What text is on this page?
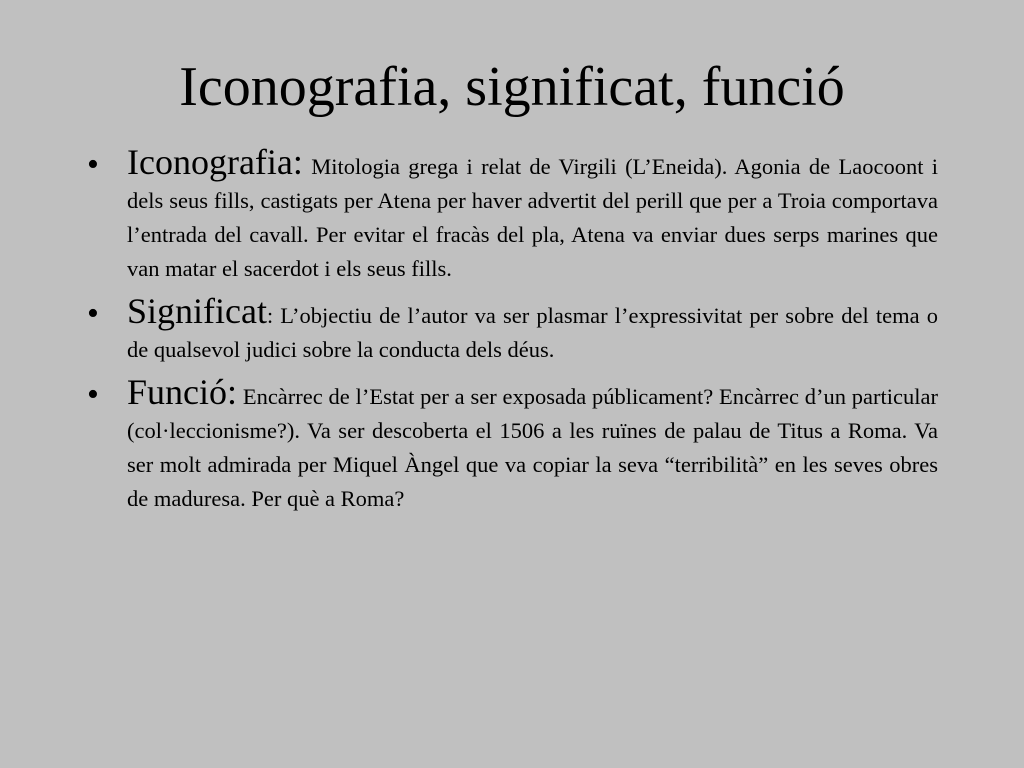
Iconografia, significat, funció
• Iconografia: Mitologia grega i relat de Virgili (L’Eneida). Agonia de Laocoont i dels seus fills, castigats per Atena per haver advertit del perill que per a Troia comportava l’entrada del cavall. Per evitar el fracàs del pla, Atena va enviar dues serps marines que van matar el sacerdot i els seus fills.
• Significat: L’objectiu de l’autor va ser plasmar l’expressivitat per sobre del tema o de qualsevol judici sobre la conducta dels déus.
• Funció: Encàrrec de l’Estat per a ser exposada públicament? Encàrrec d’un particular (col·leccionisme?). Va ser descoberta el 1506 a les ruïnes de palau de Titus a Roma. Va ser molt admirada per Miquel Àngel que va copiar la seva “terribilità” en les seves obres de maduresa. Per què a Roma?
